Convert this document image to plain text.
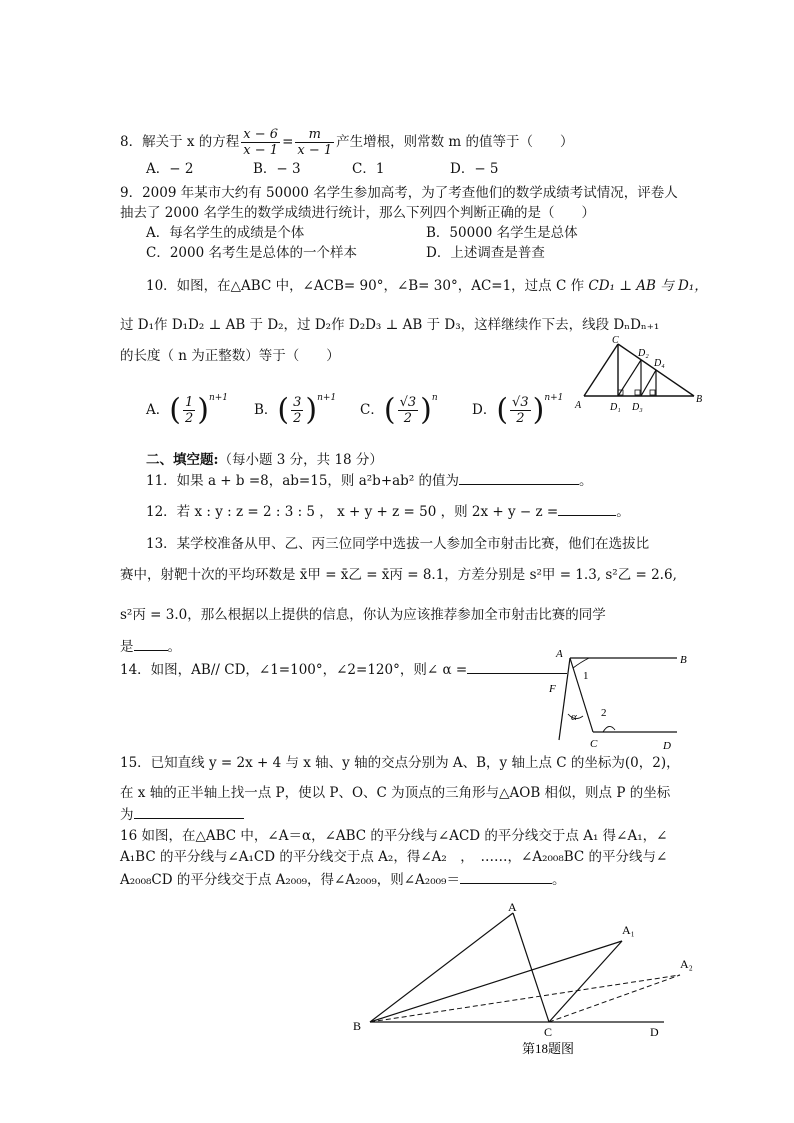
8．解关于 x 的方程 $\frac{x - 6}{x - 1} = \frac{m}{x - 1}$ 产生增根，则常数 m 的值等于（　　）
A．− 2	B．− 3	C．1	D．− 5
9．2009 年某市大约有 50000 名学生参加高考，为了考查他们的数学成绩考试情况，评卷人
抽去了 2000 名学生的数学成绩进行统计，那么下列四个判断正确的是（　　）
A．每名学生的成绩是个体	B．50000 名学生是总体
C．2000 名考生是总体的一个样本	D．上述调查是普查
10．如图，在△ABC 中，∠ACB= 90°，∠B= 30°，AC=1，过点 C 作 CD₁ ⊥ AB 与 D₁，
过 D₁作 D₁D₂ ⊥ AB 于 D₂，过 D₂作 D₂D₃ ⊥ AB 于 D₃，这样继续作下去，线段 DₙDₙ₊₁
的长度（ n 为正整数）等于（　　）
A．( $\frac{1}{2} )^{n+1}$
B．( $\frac{3}{2} )^{n+1}$
C．( $\frac{√3}{2} )^n$
D．( $\frac{√3}{2} )^{n+1}$
C
D₂
D₄
A	D₁ D₃
B
二、填空题:（每小题 3 分，共 18 分）
11．如果 a + b =8，ab=15，则 a²b+ab² 的值为	。
12．若 x : y : z = 2 : 3 : 5 ， x + y + z = 50 ，则 2x + y − z =	。
13．某学校准备从甲、乙、丙三位同学中选拔一人参加全市射击比赛，他们在选拔比
赛中，射靶十次的平均环数是 x̄甲 = x̄乙 = x̄丙 = 8.1，方差分别是 s²甲 = 1.3, s²乙 = 2.6,
s²丙 = 3.0，那么根据以上提供的信息，你认为应该推荐参加全市射击比赛的同学
是	。
14．如图，AB// CD，∠1=100°，∠2=120°，则∠ α =
A	B
F
1
α 2
C	D
15．已知直线 y = 2x + 4 与 x 轴、y 轴的交点分别为 A、B，y 轴上点 C 的坐标为(0，2)，
在 x 轴的正半轴上找一点 P，使以 P、O、C 为顶点的三角形与△AOB 相似，则点 P 的坐标
为
16 如图，在△ABC 中，∠A＝α，∠ABC 的平分线与∠ACD 的平分线交于点 A₁ 得∠A₁，∠
A₁BC 的平分线与∠A₁CD 的平分线交于点 A₂，得∠A₂　，　……，∠A₂₀₀₈BC 的平分线与∠
A₂₀₀₈CD 的平分线交于点 A₂₀₀₉，得∠A₂₀₀₉，则∠A₂₀₀₉＝	。
A
A₁
A₂
B	C	D
第18题图
